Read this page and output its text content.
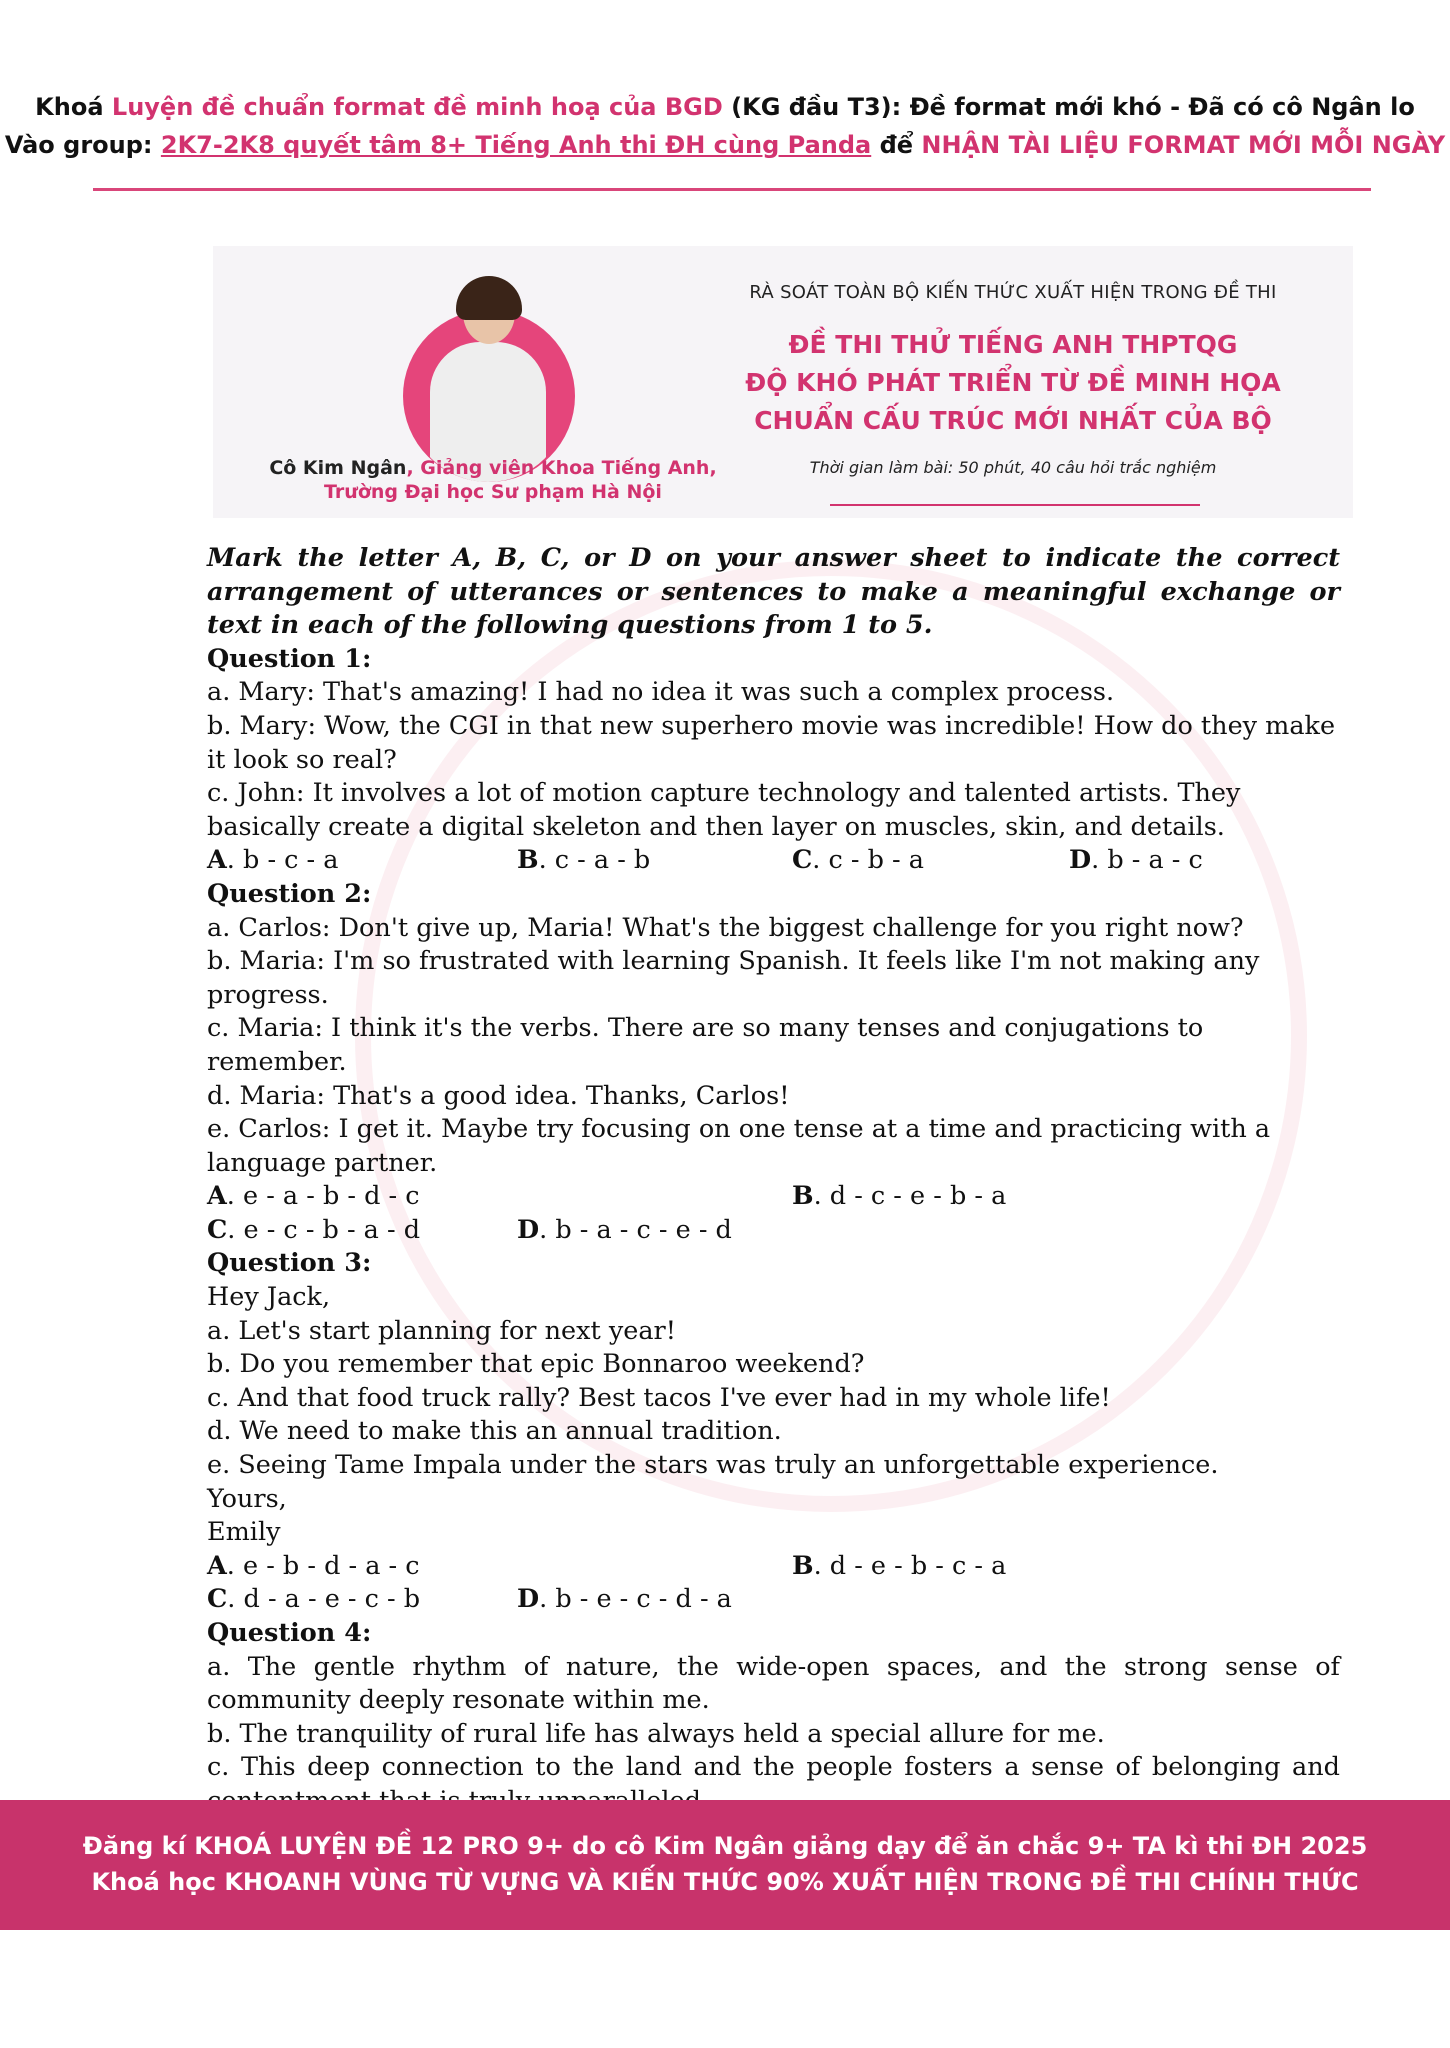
Khoá Luyện đề chuẩn format đề minh hoạ của BGD (KG đầu T3): Đề format mới khó - Đã có cô Ngân lo
Vào group: 2K7-2K8 quyết tâm 8+ Tiếng Anh thi ĐH cùng Panda để NHẬN TÀI LIỆU FORMAT MỚI MỖI NGÀY
Cô Kim Ngân, Giảng viên Khoa Tiếng Anh,
Trường Đại học Sư phạm Hà Nội
RÀ SOÁT TOÀN BỘ KIẾN THỨC XUẤT HIỆN TRONG ĐỀ THI
ĐỀ THI THỬ TIẾNG ANH THPTQG
ĐỘ KHÓ PHÁT TRIỂN TỪ ĐỀ MINH HỌA
CHUẨN CẤU TRÚC MỚI NHẤT CỦA BỘ
Thời gian làm bài: 50 phút, 40 câu hỏi trắc nghiệm

Mark the letter A, B, C, or D on your answer sheet to indicate the correct arrangement of utterances or sentences to make a meaningful exchange or text in each of the following questions from 1 to 5.

Question 1:

a. Mary: That's amazing! I had no idea it was such a complex process.

b. Mary: Wow, the CGI in that new superhero movie was incredible! How do they make it look so real?

c. John: It involves a lot of motion capture technology and talented artists. They basically create a digital skeleton and then layer on muscles, skin, and details.

A. b - c - a	B. c - a - b	C. c - b - a	D. b - a - c

Question 2:

a. Carlos: Don't give up, Maria! What's the biggest challenge for you right now?

b. Maria: I'm so frustrated with learning Spanish. It feels like I'm not making any progress.

c. Maria: I think it's the verbs. There are so many tenses and conjugations to remember.

d. Maria: That's a good idea. Thanks, Carlos!

e. Carlos: I get it. Maybe try focusing on one tense at a time and practicing with a language partner.

A. e - a - b - d - c	B. d - c - e - b - a
C. e - c - b - a - d	D. b - a - c - e - d

Question 3:

Hey Jack,

a. Let's start planning for next year!

b. Do you remember that epic Bonnaroo weekend?

c. And that food truck rally? Best tacos I've ever had in my whole life!

d. We need to make this an annual tradition.

e. Seeing Tame Impala under the stars was truly an unforgettable experience.

Yours,

Emily

A. e - b - d - a - c	B. d - e - b - c - a
C. d - a - e - c - b	D. b - e - c - d - a

Question 4:

a. The gentle rhythm of nature, the wide-open spaces, and the strong sense of community deeply resonate within me.

b. The tranquility of rural life has always held a special allure for me.

c. This deep connection to the land and the people fosters a sense of belonging and

Đăng kí KHOÁ LUYỆN ĐỀ 12 PRO 9+ do cô Kim Ngân giảng dạy để ăn chắc 9+ TA kì thi ĐH 2025
Khoá học KHOANH VÙNG TỪ VỰNG VÀ KIẾN THỨC 90% XUẤT HIỆN TRONG ĐỀ THI CHÍNH THỨC
